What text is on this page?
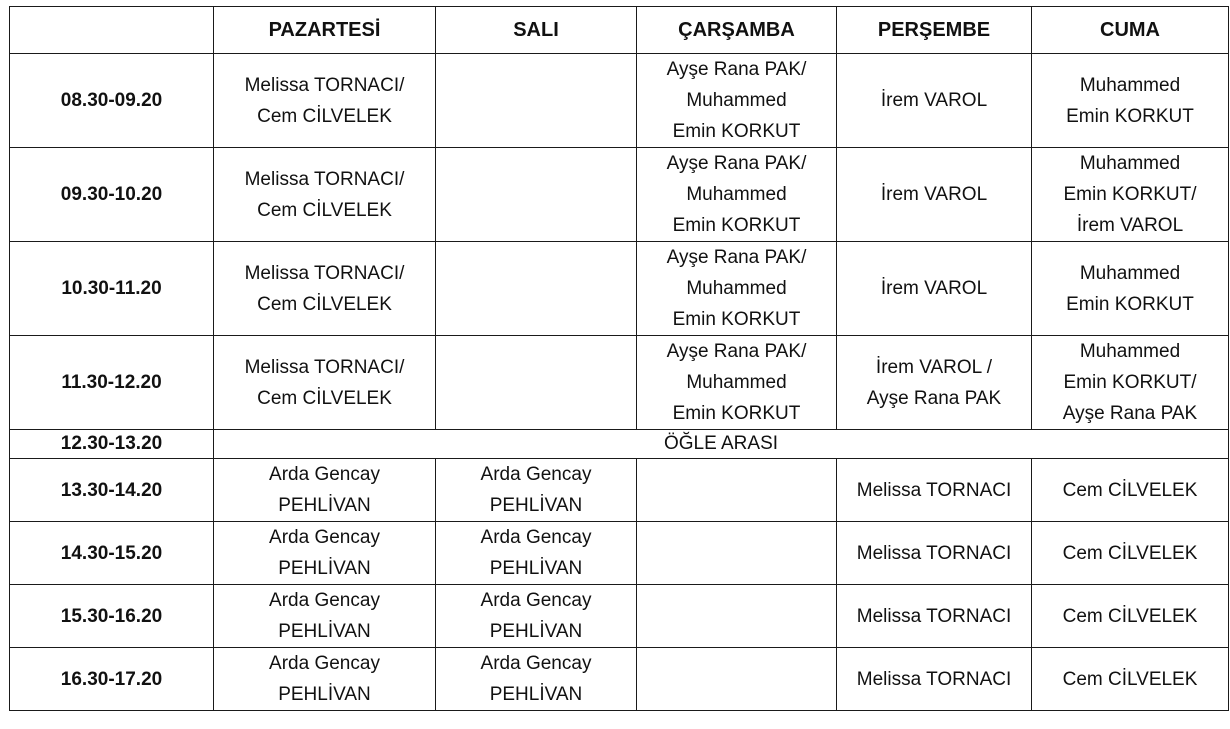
	PAZARTESİ	SALI	ÇARŞAMBA	PERŞEMBE	CUMA
08.30-09.20	Melissa TORNACI/
Cem CİLVELEK		Ayşe Rana PAK/
Muhammed
Emin KORKUT	İrem VAROL	Muhammed
Emin KORKUT
09.30-10.20	Melissa TORNACI/
Cem CİLVELEK		Ayşe Rana PAK/
Muhammed
Emin KORKUT	İrem VAROL	Muhammed
Emin KORKUT/
İrem VAROL
10.30-11.20	Melissa TORNACI/
Cem CİLVELEK		Ayşe Rana PAK/
Muhammed
Emin KORKUT	İrem VAROL	Muhammed
Emin KORKUT
11.30-12.20	Melissa TORNACI/
Cem CİLVELEK		Ayşe Rana PAK/
Muhammed
Emin KORKUT	İrem VAROL /
Ayşe Rana PAK	Muhammed
Emin KORKUT/
Ayşe Rana PAK
12.30-13.20	ÖĞLE ARASI				
13.30-14.20	Arda Gencay
PEHLİVAN	Arda Gencay
PEHLİVAN		Melissa TORNACI	Cem CİLVELEK
14.30-15.20	Arda Gencay
PEHLİVAN	Arda Gencay
PEHLİVAN		Melissa TORNACI	Cem CİLVELEK
15.30-16.20	Arda Gencay
PEHLİVAN	Arda Gencay
PEHLİVAN		Melissa TORNACI	Cem CİLVELEK
16.30-17.20	Arda Gencay
PEHLİVAN	Arda Gencay
PEHLİVAN		Melissa TORNACI	Cem CİLVELEK
